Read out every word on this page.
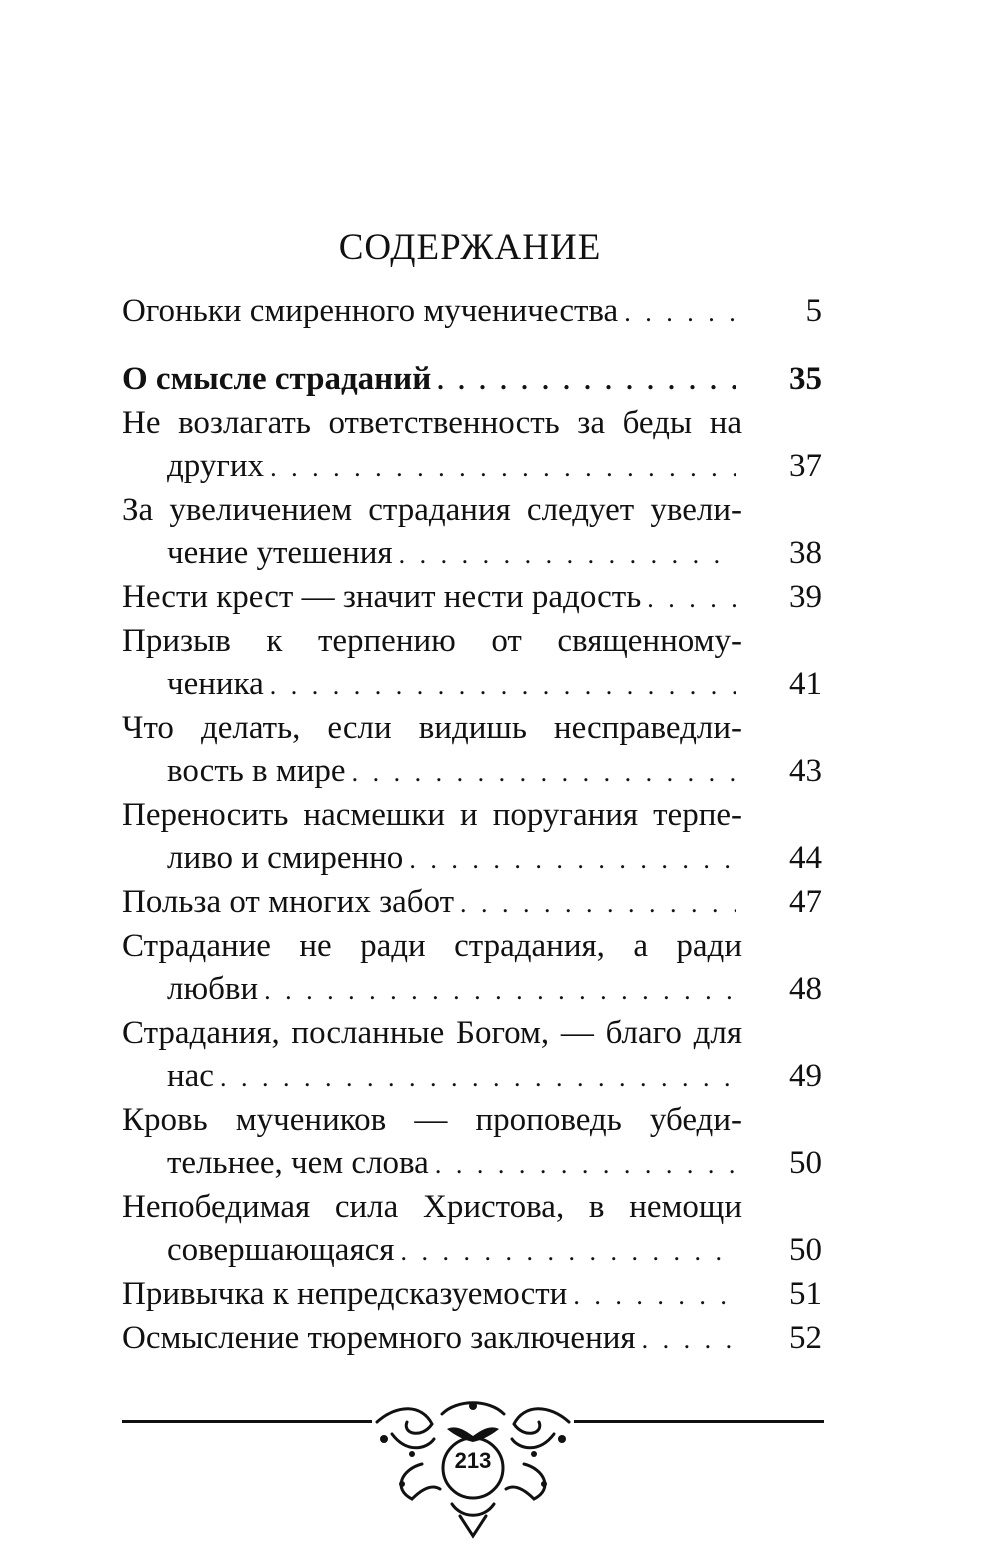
СОДЕРЖАНИЕ
Огоньки смиренного мученичества . . .	5
О смысле страданий . . .	35
Не возлагать ответственность за беды на
других . . .	37
За увеличением страдания следует увели-
чение утешения . . .	38
Нести крест — значит нести радость . . .	39
Призыв к терпению от священному-
ченика . . .	41
Что делать, если видишь несправедли-
вость в мире . . .	43
Переносить насмешки и поругания терпе-
ливо и смиренно . . .	44
Польза от многих забот . . .	47
Страдание не ради страдания, а ради
любви . . .	48
Страдания, посланные Богом, — благо для
нас . . .	49
Кровь мучеников — проповедь убеди-
тельнее, чем слова . . .	50
Непобедимая сила Христова, в немощи
совершающаяся . . .	50
Привычка к непредсказуемости . . .	51
Осмысление тюремного заключения . . .	52
213
